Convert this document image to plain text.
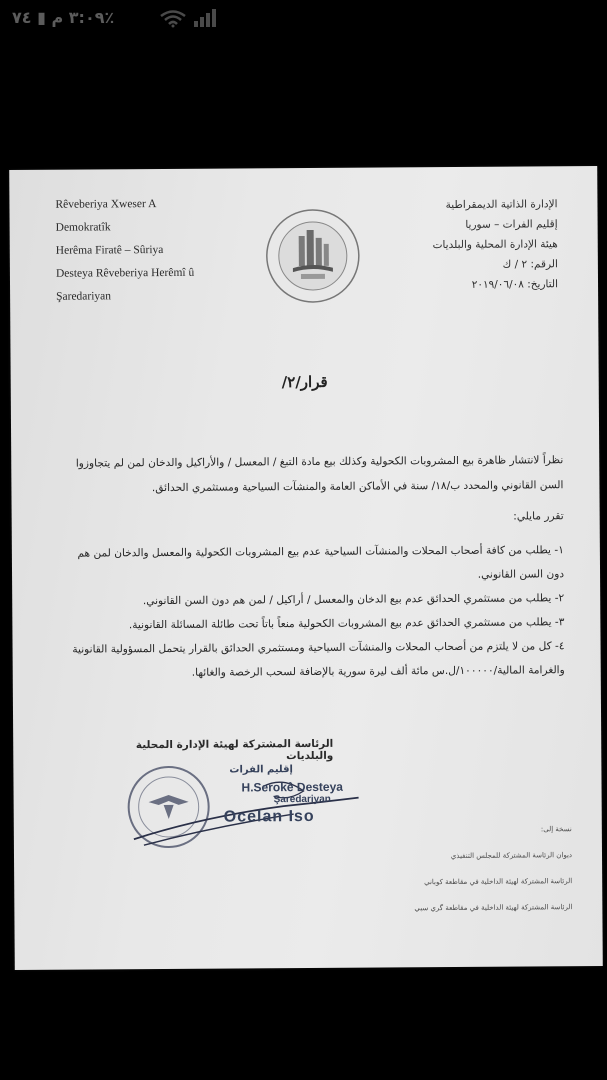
٣:٠٩ م ▮ ٧٤٪
Rêveberiya Xweser A
Demokratîk
Herêma Firatê – Sûriya
Desteya Rêveberiya Herêmî û
Şaredariyan
الإدارة الذاتية الديمقراطية
إقليم الفرات – سوريا
هيئة الإدارة المحلية والبلديات
الرقم: ٢ / ك
التاريخ: ٢٠١٩/٠٦/٠٨
قرار/٢/
نظراً لانتشار ظاهرة بيع المشروبات الكحولية وكذلك بيع مادة التبغ / المعسل / والأراكيل والدخان لمن لم يتجاوزوا السن القانوني والمحدد ب/١٨/ سنة في الأماكن العامة والمنشآت السياحية ومستثمري الحدائق.
تقرر مايلي:

١- يطلب من كافة أصحاب المحلات والمنشآت السياحية عدم بيع المشروبات الكحولية والمعسل والدخان لمن هم دون السن القانوني.

٢- يطلب من مستثمري الحدائق عدم بيع الدخان والمعسل / أراكيل / لمن هم دون السن القانوني.

٣- يطلب من مستثمري الحدائق عدم بيع المشروبات الكحولية منعاً باتاً تحت طائلة المسائلة القانونية.

٤- كل من لا يلتزم من أصحاب المحلات والمنشآت السياحية ومستثمري الحدائق بالقرار يتحمل المسؤولية القانونية والغرامة المالية/١٠٠٠٠٠/ل.س مائة ألف ليرة سورية بالإضافة لسحب الرخصة والغائها.

الرئاسة المشتركة لهيئة الإدارة المحلية والبلديات
إقليم الفرات
H.Serokê Desteya
Şaredariyan
Ocelan Iso
نسخة إلى:
ديوان الرئاسة المشتركة للمجلس التنفيذي
الرئاسة المشتركة لهيئة الداخلية في مقاطعة كوباني
الرئاسة المشتركة لهيئة الداخلية في مقاطعة گري سبي
